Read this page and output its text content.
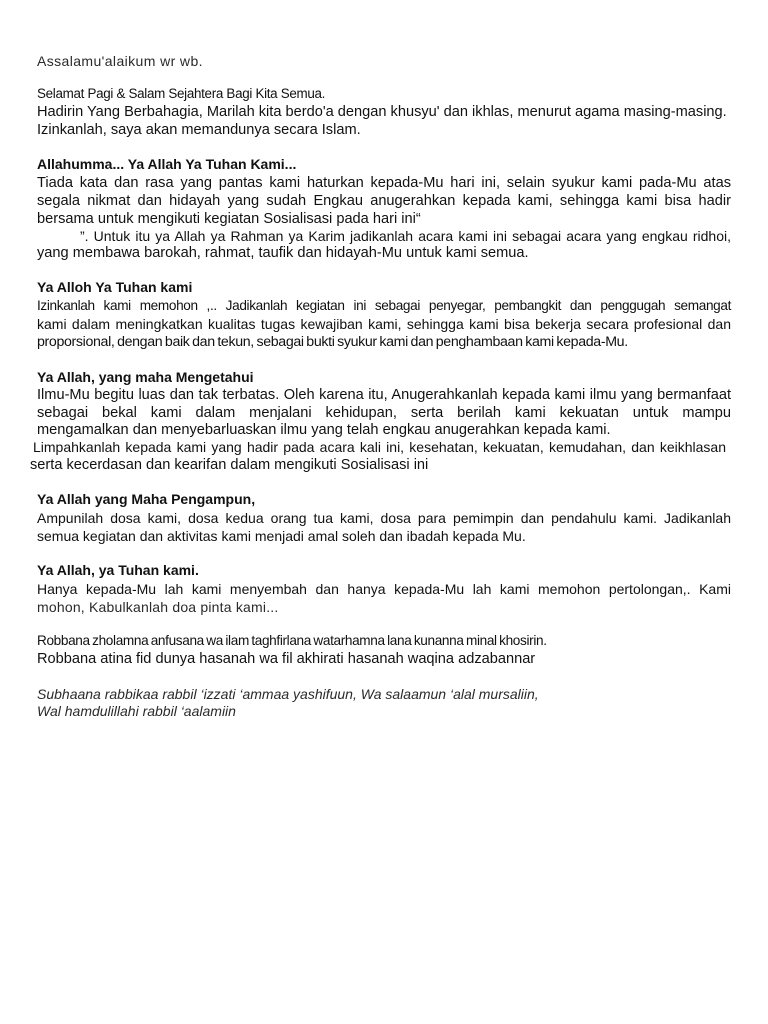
Assalamu'alaikum wr wb.

Selamat Pagi & Salam Sejahtera Bagi Kita Semua.

Hadirin Yang Berbahagia, Marilah kita berdo'a dengan khusyu' dan ikhlas, menurut agama masing-masing.

Izinkanlah, saya akan memandunya secara Islam.

Allahumma... Ya Allah Ya Tuhan Kami...

Tiada kata dan rasa yang pantas kami haturkan kepada-Mu hari ini, selain syukur kami pada-Mu atas

segala nikmat dan hidayah yang sudah Engkau anugerahkan kepada kami, sehingga kami bisa hadir

bersama untuk mengikuti kegiatan Sosialisasi pada hari ini“

”. Untuk itu ya Allah ya Rahman ya Karim jadikanlah acara kami ini sebagai acara yang engkau ridhoi,

yang membawa barokah, rahmat, taufik dan hidayah-Mu untuk kami semua.

Ya Alloh Ya Tuhan kami

Izinkanlah kami memohon ,.. Jadikanlah kegiatan ini sebagai penyegar, pembangkit dan penggugah semangat

kami dalam meningkatkan kualitas tugas kewajiban kami, sehingga kami bisa bekerja secara profesional dan

proporsional, dengan baik dan tekun, sebagai bukti syukur kami dan penghambaan kami kepada-Mu.

Ya Allah, yang maha Mengetahui

Ilmu-Mu begitu luas dan tak terbatas. Oleh karena itu, Anugerahkanlah kepada kami ilmu yang bermanfaat

sebagai bekal kami dalam menjalani kehidupan, serta berilah kami kekuatan untuk mampu

mengamalkan dan menyebarluaskan ilmu yang telah engkau anugerahkan kepada kami.

Limpahkanlah kepada kami yang hadir pada acara kali ini, kesehatan, kekuatan, kemudahan, dan keikhlasan

serta kecerdasan dan kearifan dalam mengikuti Sosialisasi ini

Ya Allah yang Maha Pengampun,

Ampunilah dosa kami, dosa kedua orang tua kami, dosa para pemimpin dan pendahulu kami. Jadikanlah

semua kegiatan dan aktivitas kami menjadi amal soleh dan ibadah kepada Mu.

Ya Allah, ya Tuhan kami.

Hanya kepada-Mu lah kami menyembah dan hanya kepada-Mu lah kami memohon pertolongan,. Kami

mohon, Kabulkanlah doa pinta kami...

Robbana zholamna anfusana wa ilam taghfirlana watarhamna lana kunanna minal khosirin.

Robbana atina fid dunya hasanah wa fil akhirati hasanah waqina adzabannar

Subhaana rabbikaa rabbil ‘izzati ‘ammaa yashifuun, Wa salaamun ‘alal mursaliin,

Wal hamdulillahi rabbil ‘aalamiin
